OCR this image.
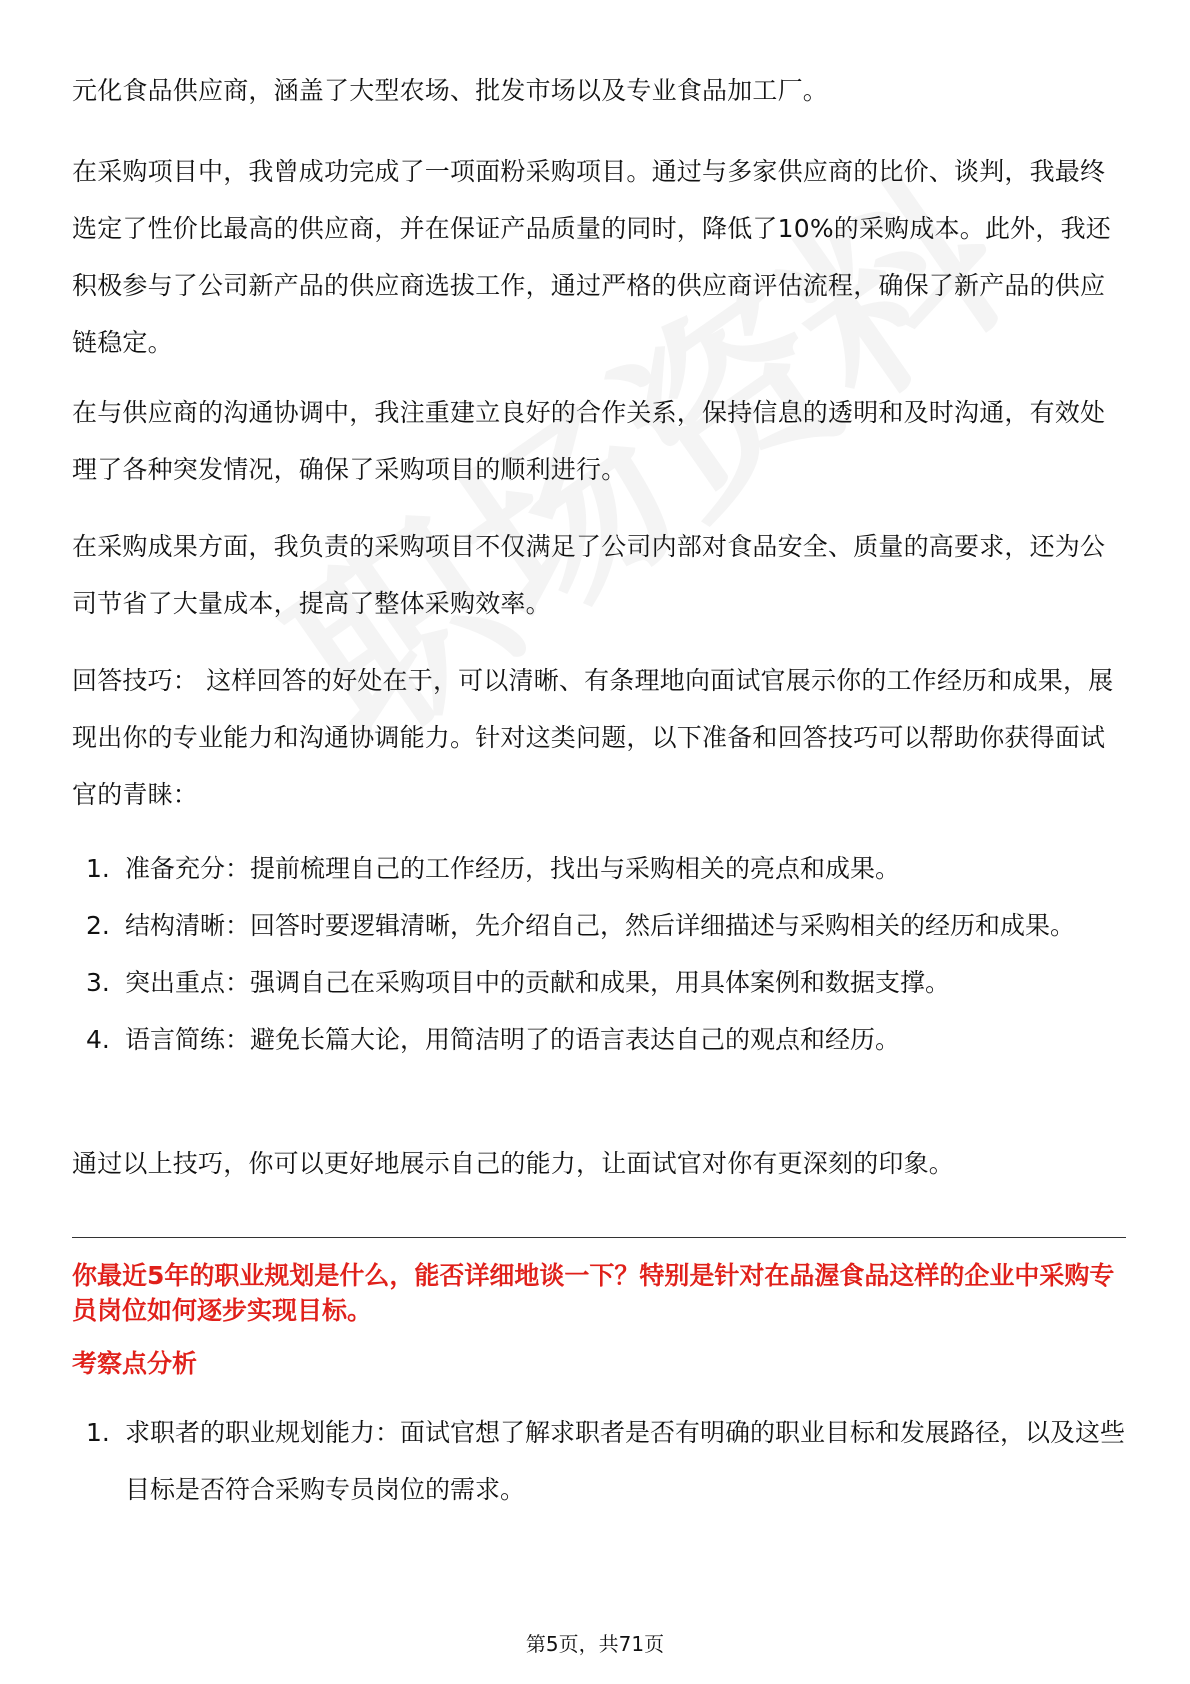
元化食品供应商，涵盖了大型农场、批发市场以及专业食品加工厂。

在采购项目中，我曾成功完成了一项面粉采购项目。通过与多家供应商的比价、谈判，我最终选定了性价比最高的供应商，并在保证产品质量的同时，降低了10%的采购成本。此外，我还积极参与了公司新产品的供应商选拔工作，通过严格的供应商评估流程，确保了新产品的供应链稳定。

在与供应商的沟通协调中，我注重建立良好的合作关系，保持信息的透明和及时沟通，有效处理了各种突发情况，确保了采购项目的顺利进行。

在采购成果方面，我负责的采购项目不仅满足了公司内部对食品安全、质量的高要求，还为公司节省了大量成本，提高了整体采购效率。

回答技巧： 这样回答的好处在于，可以清晰、有条理地向面试官展示你的工作经历和成果，展现出你的专业能力和沟通协调能力。针对这类问题，以下准备和回答技巧可以帮助你获得面试官的青睐：

1. 准备充分：提前梳理自己的工作经历，找出与采购相关的亮点和成果。
2. 结构清晰：回答时要逻辑清晰，先介绍自己，然后详细描述与采购相关的经历和成果。
3. 突出重点：强调自己在采购项目中的贡献和成果，用具体案例和数据支撑。
4. 语言简练：避免长篇大论，用简洁明了的语言表达自己的观点和经历。

通过以上技巧，你可以更好地展示自己的能力，让面试官对你有更深刻的印象。

你最近5年的职业规划是什么，能否详细地谈一下？特别是针对在品渥食品这样的企业中采购专员岗位如何逐步实现目标。

考察点分析

1. 求职者的职业规划能力：面试官想了解求职者是否有明确的职业目标和发展路径，以及这些目标是否符合采购专员岗位的需求。
第5页，共71页
